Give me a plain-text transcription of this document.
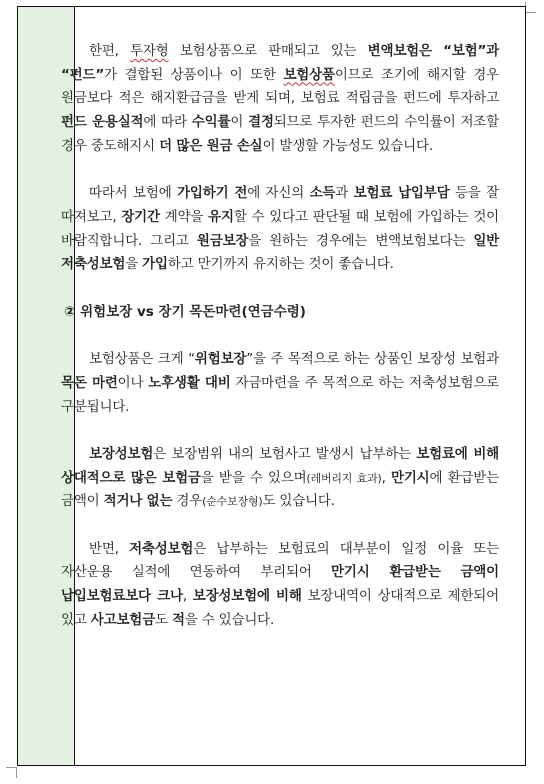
한편, 투자형 보험상품으로 판매되고 있는 변액보험은 “보험”과 “펀드”가 결합된 상품이나 이 또한 보험상품이므로 조기에 해지할 경우 원금보다 적은 해지환급금을 받게 되며, 보험료 적립금을 펀드에 투자하고 펀드 운용실적에 따라 수익률이 결정되므로 투자한 펀드의 수익률이 저조할 경우 중도해지시 더 많은 원금 손실이 발생할 가능성도 있습니다.

따라서 보험에 가입하기 전에 자신의 소득과 보험료 납입부담 등을 잘 따져보고, 장기간 계약을 유지할 수 있다고 판단될 때 보험에 가입하는 것이 바람직합니다. 그리고 원금보장을 원하는 경우에는 변액보험보다는 일반 저축성보험을 가입하고 만기까지 유지하는 것이 좋습니다.

② 위험보장 vs 장기 목돈마련(연금수령)

보험상품은 크게 “위험보장”을 주 목적으로 하는 상품인 보장성 보험과 목돈 마련이나 노후생활 대비 자금마련을 주 목적으로 하는 저축성보험으로 구분됩니다.

보장성보험은 보장범위 내의 보험사고 발생시 납부하는 보험료에 비해 상대적으로 많은 보험금을 받을 수 있으며(레버리지 효과), 만기시에 환급받는 금액이 적거나 없는 경우(순수보장형)도 있습니다.

반면, 저축성보험은 납부하는 보험료의 대부분이 일정 이율 또는 자산운용 실적에 연동하여 부리되어 만기시 환급받는 금액이 납입보험료보다 크나, 보장성보험에 비해 보장내역이 상대적으로 제한되어 있고 사고보험금도 적을 수 있습니다.
